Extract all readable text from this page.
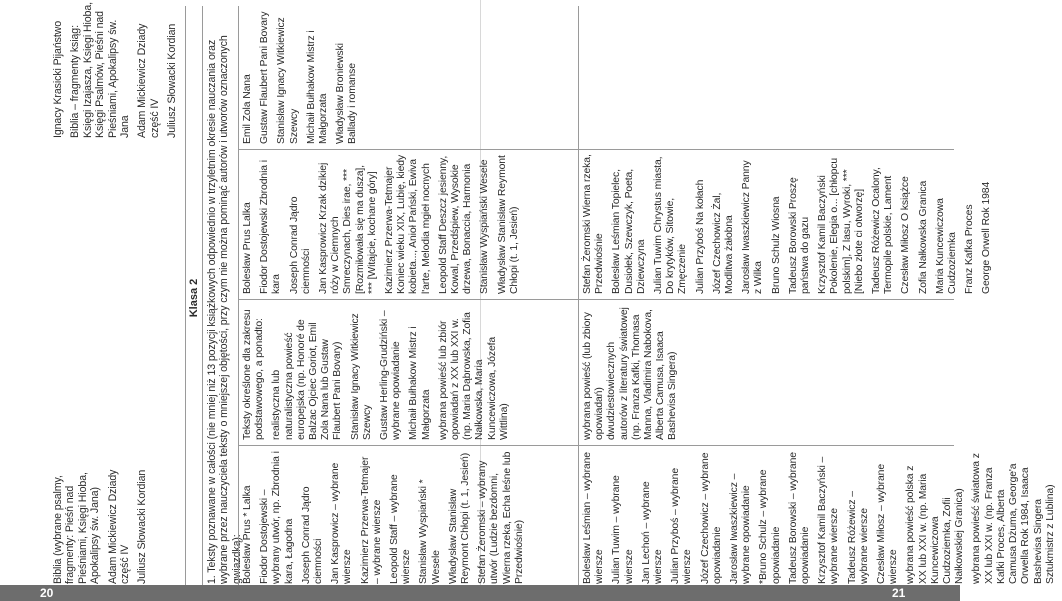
Biblia (wybrane psalmy, fragmenty: Pieśń nad Pieśniami, Księgi Hioba, Apokalipsy św. Jana) Adam Mickiewicz Dziady część IV Juliusz Słowacki Kordian
Ignacy Krasicki Pijaństwo Biblia – fragmenty ksiąg: Księgi Izajasza, Księgi Hioba, Księgi Psalmów, Pieśni nad Pieśniami, Apokalipsy św. Jana Adam Mickiewicz Dziady część IV Juliusz Słowacki Kordian
Klasa 2 1. Teksty poznawane w całości (nie mniej niż 13 pozycji książkowych odpowiednio w trzyletnim okresie nauczania oraz wybrane przez nauczyciela teksty o mniejszej objętości, przy czym nie można pominąć autorów i utworów oznaczonych gwiazdką): Bolesław Prus * Lalka Fiodor Dostojewski – wybrany utwór, np. Zbrodnia i kara, Łagodna Joseph Conrad Jądro ciemności Jan Kasprowicz – wybrane wiersze Kazimierz Przerwa-Tetmajer – wybrane wiersze Leopold Staff – wybrane wiersze Stanisław Wyspiański * Wesele Władysław Stanisław Reymont Chłopi (t. 1, Jesień) Stefan Żeromski – wybrany utwór (Ludzie bezdomni, Wierna rzeka, Echa leśne lub Przedwiośnie)
Teksty określone dla zakresu podstawowego, a ponadto: realistyczna lub naturalistyczna powieść europejska (np. Honoré de Balzac Ojciec Goriot, Emil Zola Nana lub Gustaw Flaubert Pani Bovary) Stanisław Ignacy Witkiewicz Szewcy Gustaw Herling-Grudziński – wybrane opowiadanie Michaił Bułhakow Mistrz i Małgorzata wybrana powieść lub zbiór opowiadań z XX lub XXI w. (np. Maria Dąbrowska, Zofia Nałkowska, Maria Kuncewiczowa, Józefa Wittlina)
Bolesław Prus Lalka Fiodor Dostojewski Zbrodnia i kara Joseph Conrad Jądro ciemności Jan Kasprowicz Krzak dzikiej róży w Ciemnych Smreczynach, Dies irae, *** [Rozmiłowała się ma dusza], *** [Witajcie, kochane góry] Kazimierz Przerwa-Tetmajer Koniec wieku XIX, Lubię, kiedy kobieta..., Anioł Pański, Ewiva l'arte, Melodia mgieł nocnych Leopold Staff Deszcz jesienny, Kowal, Przedśpiew, Wysokie drzewa, Bonaccia, Harmonia Stanisław Wyspiański Wesele Władysław Stanisław Reymont Chłopi (t. 1, Jesień)
Emil Zola Nana Gustaw Flaubert Pani Bovary Stanisław Ignacy Witkiewicz Szewcy Michaił Bułhakow Mistrz i Małgorzata Władysław Broniewski Ballady i romanse
Bolesław Leśmian – wybrane wiersze Julian Tuwim – wybrane wiersze Jan Lechoń – wybrane wiersze Julian Przyboś – wybrane wiersze Józef Czechowicz – wybrane opowiadanie Jarosław Iwaszkiewicz – wybrane opowiadanie *Bruno Schulz – wybrane opowiadanie Tadeusz Borowski – wybrane opowiadanie Krzysztof Kamil Baczyński – wybrane wiersze Tadeusz Różewicz – wybrane wiersze Czesław Miłosz – wybrane wiersze wybrana powieść polska z XX lub XXI w. (np. Maria Kuncewiczowa Cudzoziemka, Zofii Nałkowskiej Granica) wybrana powieść światowa z XX lub XXI w. (np. Franza Kafki Proces, Alberta Camusa Dżuma, George'a Orwella Rok 1984, Isaaca Bashevisa Singera Sztukmistrz z Lublina)
wybrana powieść (lub zbiory opowiadań) dwudziestowiecznych autorów z literatury światowej (np. Franza Kafki, Thomasa Manna, Vladimira Nabokova, Alberta Camusa, Isaaca Bashevisa Singera)
Stefan Żeromski Wierna rzeka, Przedwiośnie Bolesław Leśmian Topielec, Dusiołek, Szewczyk, Poeta, Dziewczyna Julian Tuwim Chrystus miasta, Do krytyków, Sitowie, Zmęczenie Julian Przyboś Na kołach Józef Czechowicz Żal, Modlitwa żałobna Jarosław Iwaszkiewicz Panny z Wilka Bruno Schulz Wiosna Tadeusz Borowski Proszę państwa do gazu Krzysztof Kamil Baczyński Pokolenie, Elegia o... [chłopcu polskim], Z lasu, Wyroki, *** [Niebo złote ci otworzę] Tadeusz Różewicz Ocalony, Termopile polskie, Lament Czesław Miłosz O książce Zofia Nałkowska Granica Maria Kuncewiczowa Cudzoziemka Franz Kafka Proces George Orwell Rok 1984
20	21
